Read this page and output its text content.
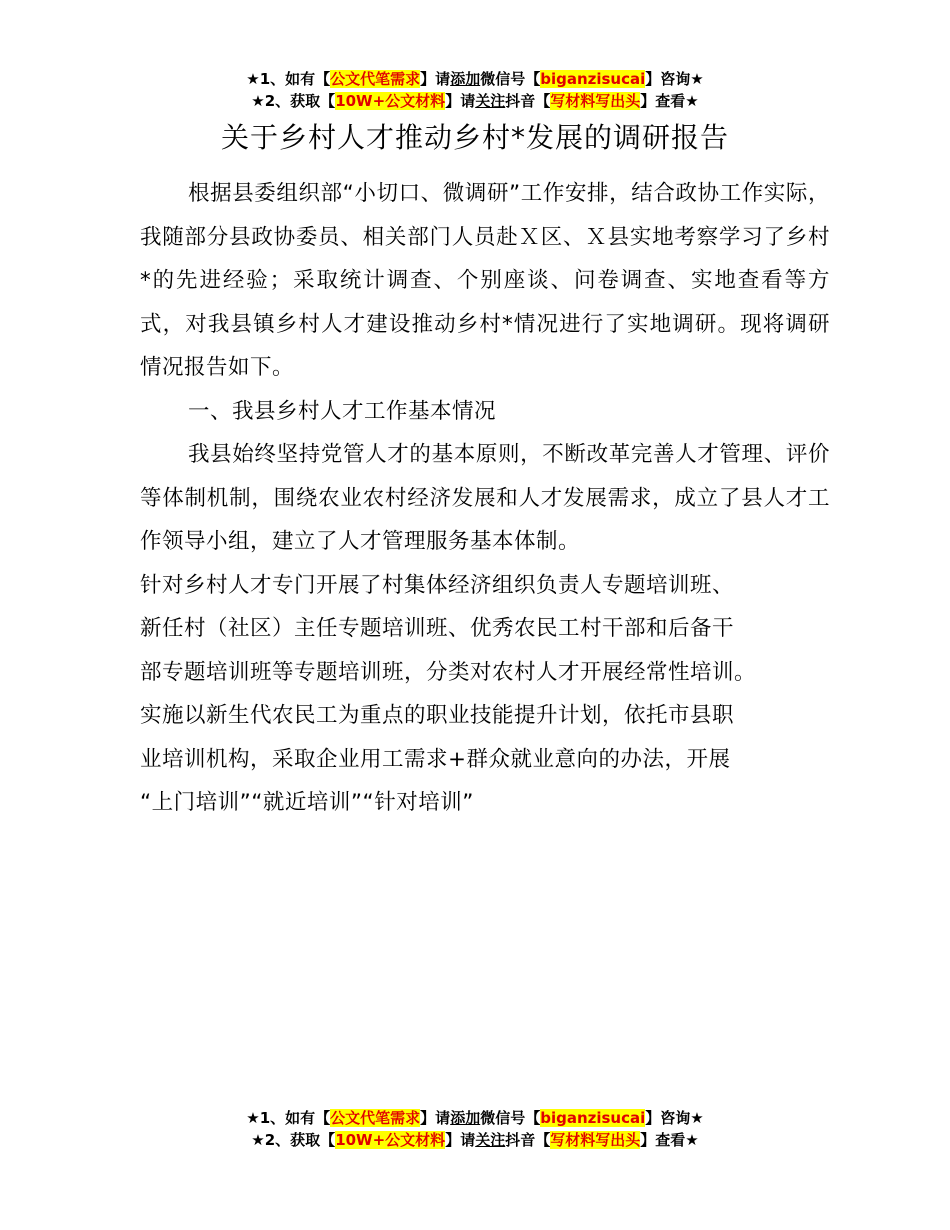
★1、如有【公文代笔需求】请添加微信号【biganzisucai】咨询★
★2、获取【10W+公文材料】请关注抖音【写材料写出头】查看★
关于乡村人才推动乡村*发展的调研报告

根据县委组织部“小切口、微调研”工作安排，结合政协工作实际，我随部分县政协委员、相关部门人员赴Ｘ区、Ｘ县实地考察学习了乡村*的先进经验；采取统计调查、个别座谈、问卷调查、实地查看等方式，对我县镇乡村人才建设推动乡村*情况进行了实地调研。现将调研情况报告如下。

一、我县乡村人才工作基本情况

我县始终坚持党管人才的基本原则，不断改革完善人才管理、评价等体制机制，围绕农业农村经济发展和人才发展需求，成立了县人才工作领导小组，建立了人才管理服务基本体制。

针对乡村人才专门开展了村集体经济组织负责人专题培训班、

新任村（社区）主任专题培训班、优秀农民工村干部和后备干

部专题培训班等专题培训班，分类对农村人才开展经常性培训。

实施以新生代农民工为重点的职业技能提升计划，依托市县职

业培训机构，采取企业用工需求+群众就业意向的办法，开展

“上门培训”“就近培训”“针对培训”

★1、如有【公文代笔需求】请添加微信号【biganzisucai】咨询★
★2、获取【10W+公文材料】请关注抖音【写材料写出头】查看★
